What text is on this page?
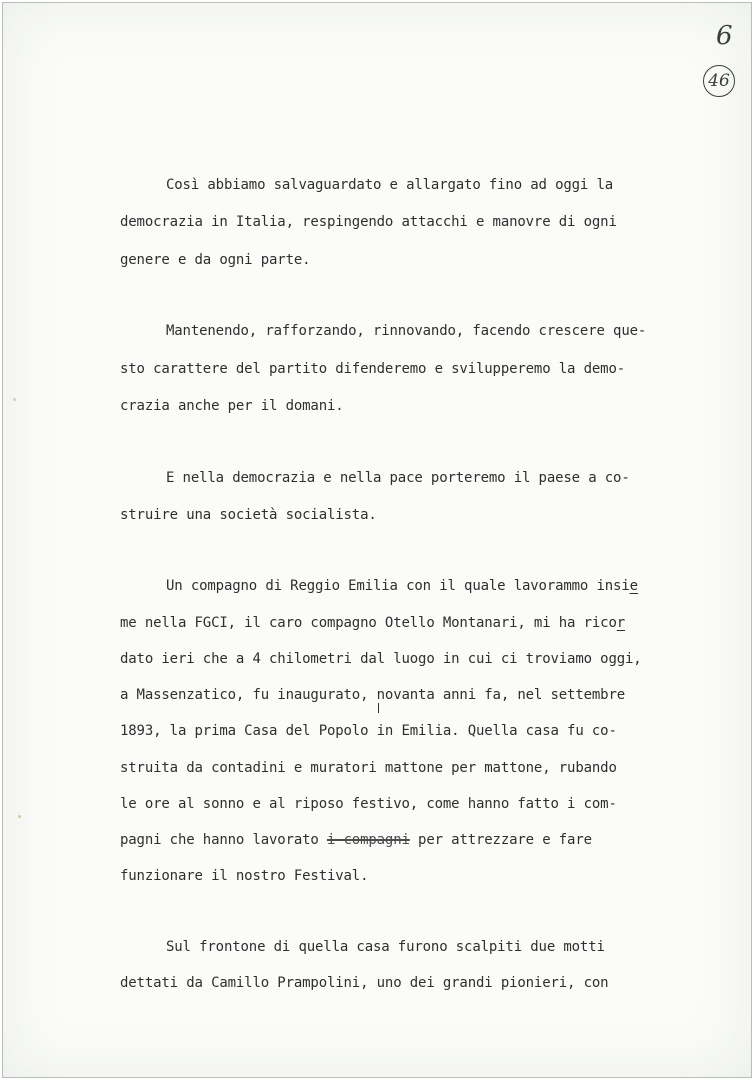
6

46

Così abbiamo salvaguardato e allargato fino ad oggi la

democrazia in Italia, respingendo attacchi e manovre di ogni

genere e da ogni parte.

Mantenendo, rafforzando, rinnovando, facendo crescere que-

sto carattere del partito difenderemo e svilupperemo la demo-

crazia anche per il domani.

E nella democrazia e nella pace porteremo il paese a co-

struire una società socialista.

Un compagno di Reggio Emilia con il quale lavorammo insie

me nella FGCI, il caro compagno Otello Montanari, mi ha ricor

dato ieri che a 4 chilometri dal luogo in cui ci troviamo oggi,

a Massenzatico, fu inaugurato, novanta anni fa, nel settembre

1893, la prima Casa del Popolo in Emilia. Quella casa fu co-

struita da contadini e muratori mattone per mattone, rubando

le ore al sonno e al riposo festivo, come hanno fatto i com-

pagni che hanno lavorato i compagni per attrezzare e fare

funzionare il nostro Festival.

Sul frontone di quella casa furono scalpiti due motti

dettati da Camillo Prampolini, uno dei grandi pionieri, con
